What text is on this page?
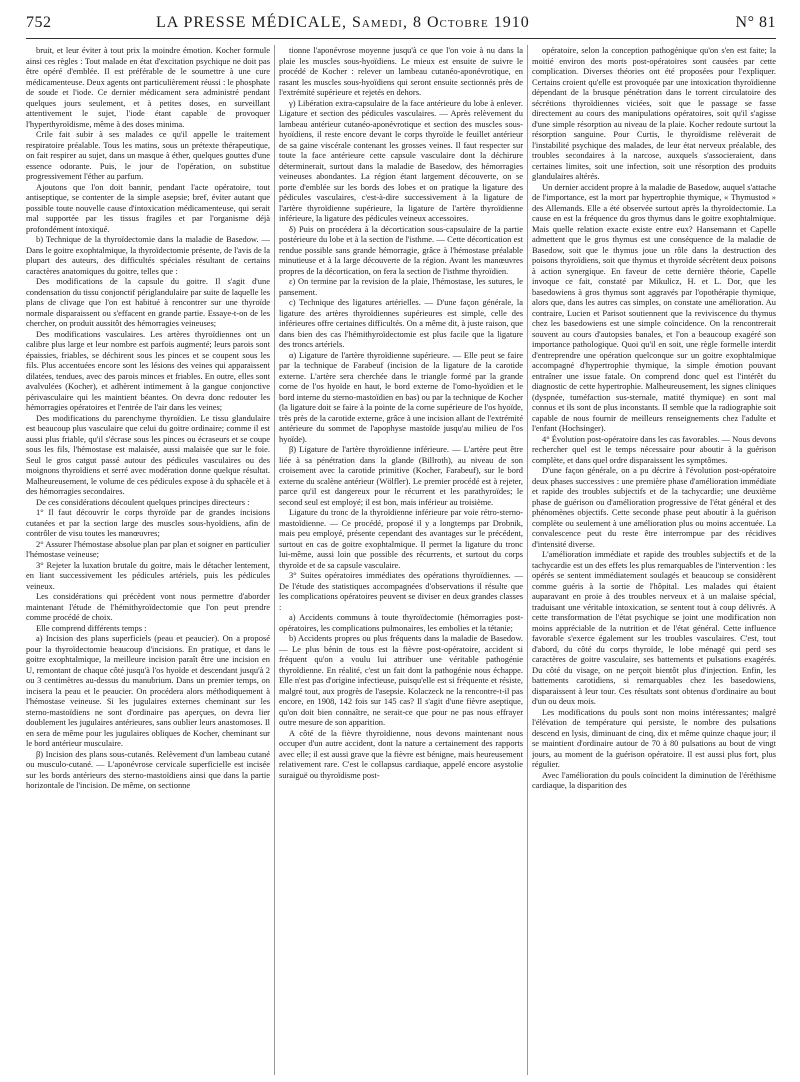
752	LA PRESSE MÉDICALE, Samedi, 8 Octobre 1910	N° 81

bruit, et leur éviter à tout prix la moindre émotion. Kocher formule ainsi ces règles : Tout malade en état d'excitation psychique ne doit pas être opéré d'emblée. Il est préférable de le soumettre à une cure médicamenteuse. Deux agents ont particulièrement réussi : le phosphate de soude et l'iode. Ce dernier médicament sera administré pendant quelques jours seulement, et à petites doses, en surveillant attentivement le sujet, l'iode étant capable de provoquer l'hyperthyroïdisme, même à des doses minima.

Crile fait subir à ses malades ce qu'il appelle le traitement respiratoire préalable. Tous les matins, sous un prétexte thérapeutique, on fait respirer au sujet, dans un masque à éther, quelques gouttes d'une essence odorante. Puis, le jour de l'opération, on substitue progressivement l'éther au parfum.

Ajoutons que l'on doit bannir, pendant l'acte opératoire, tout antiseptique, se contenter de la simple asepsie; bref, éviter autant que possible toute nouvelle cause d'intoxication médicamenteuse, qui serait mal supportée par les tissus fragiles et par l'organisme déjà profondément intoxiqué.

b) Technique de la thyroïdectomie dans la maladie de Basedow. — Dans le goitre exophtalmique, la thyroïdectomie présente, de l'avis de la plupart des auteurs, des difficultés spéciales résultant de certains caractères anatomiques du goitre, telles que :

Des modifications de la capsule du goitre. Il s'agit d'une condensation du tissu conjonctif périglandulaire par suite de laquelle les plans de clivage que l'on est habitué à rencontrer sur une thyroïde normale disparaissent ou s'effacent en grande partie. Essaye-t-on de les chercher, on produit aussitôt des hémorragies veineuses;

Des modifications vasculaires. Les artères thyroïdiennes ont un calibre plus large et leur nombre est parfois augmenté; leurs parois sont épaissies, friables, se déchirent sous les pinces et se coupent sous les fils. Plus accentuées encore sont les lésions des veines qui apparaissent dilatées, tendues, avec des parois minces et friables. En outre, elles sont avalvulées (Kocher), et adhèrent intimement à la gangue conjonctive périvasculaire qui les maintient béantes. On devra donc redouter les hémorragies opératoires et l'entrée de l'air dans les veines;

Des modifications du parenchyme thyroïdien. Le tissu glandulaire est beaucoup plus vasculaire que celui du goitre ordinaire; comme il est aussi plus friable, qu'il s'écrase sous les pinces ou écraseurs et se coupe sous les fils, l'hémostase est malaisée, aussi malaisée que sur le foie. Seul le gros catgut passé autour des pédicules vasculaires ou des moignons thyroïdiens et serré avec modération donne quelque résultat. Malheureusement, le volume de ces pédicules expose à du sphacèle et à des hémorragies secondaires.

De ces considérations découlent quelques principes directeurs :

1° Il faut découvrir le corps thyroïde par de grandes incisions cutanées et par la section large des muscles sous-hyoïdiens, afin de contrôler de visu toutes les manœuvres;

2° Assurer l'hémostase absolue plan par plan et soigner en particulier l'hémostase veineuse;

3° Rejeter la luxation brutale du goitre, mais le détacher lentement, en liant successivement les pédicules artériels, puis les pédicules veineux.

Les considérations qui précèdent vont nous permettre d'aborder maintenant l'étude de l'hémithyroïdectomie que l'on peut prendre comme procédé de choix.

Elle comprend différents temps :

a) Incision des plans superficiels (peau et peaucier). On a proposé pour la thyroïdectomie beaucoup d'incisions. En pratique, et dans le goitre exophtalmique, la meilleure incision paraît être une incision en U, remontant de chaque côté jusqu'à l'os hyoïde et descendant jusqu'à 2 ou 3 centimètres au-dessus du manubrium. Dans un premier temps, on incisera la peau et le peaucier. On procédera alors méthodiquement à l'hémostase veineuse. Si les jugulaires externes cheminant sur les sterno-mastoïdiens ne sont d'ordinaire pas aperçues, on devra lier doublement les jugulaires antérieures, sans oublier leurs anastomoses. Il en sera de même pour les jugulaires obliques de Kocher, cheminant sur le bord antérieur musculaire.

β) Incision des plans sous-cutanés. Relèvement d'un lambeau cutané ou musculo-cutané. — L'aponévrose cervicale superficielle est incisée sur les bords antérieurs des sterno-mastoïdiens ainsi que dans la partie horizontale de l'incision. De même, on sectionne

tionne l'aponévrose moyenne jusqu'à ce que l'on voie à nu dans la plaie les muscles sous-hyoïdiens. Le mieux est ensuite de suivre le procédé de Kocher : relever un lambeau cutanéo-aponévrotique, en rasant les muscles sous-hyoïdiens qui seront ensuite sectionnés près de l'extrémité supérieure et rejetés en dehors.

γ) Libération extra-capsulaire de la face antérieure du lobe à enlever. Ligature et section des pédicules vasculaires. — Après relèvement du lambeau antérieur cutanéo-aponévrotique et section des muscles sous-hyoïdiens, il reste encore devant le corps thyroïde le feuillet antérieur de sa gaine viscérale contenant les grosses veines. Il faut respecter sur toute la face antérieure cette capsule vasculaire dont la déchirure déterminerait, surtout dans la maladie de Basedow, des hémorragies veineuses abondantes. La région étant largement découverte, on se porte d'emblée sur les bords des lobes et on pratique la ligature des pédicules vasculaires, c'est-à-dire successivement à la ligature de l'artère thyroïdienne supérieure, la ligature de l'artère thyroïdienne inférieure, la ligature des pédicules veineux accessoires.

δ) Puis on procédera à la décortication sous-capsulaire de la partie postérieure du lobe et à la section de l'isthme. — Cette décortication est rendue possible sans grande hémorragie, grâce à l'hémostase préalable minutieuse et à la large découverte de la région. Avant les manœuvres propres de la décortication, on fera la section de l'isthme thyroïdien.

ε) On termine par la revision de la plaie, l'hémostase, les sutures, le pansement.

c) Technique des ligatures artérielles. — D'une façon générale, la ligature des artères thyroïdiennes supérieures est simple, celle des inférieures offre certaines difficultés. On a même dit, à juste raison, que dans bien des cas l'hémithyroïdectomie est plus facile que la ligature des troncs artériels.

α) Ligature de l'artère thyroïdienne supérieure. — Elle peut se faire par la technique de Farabeuf (incision de la ligature de la carotide externe. L'artère sera cherchée dans le triangle formé par la grande corne de l'os hyoïde en haut, le bord externe de l'omo-hyoïdien et le bord interne du sterno-mastoïdien en bas) ou par la technique de Kocher (la ligature doit se faire à la pointe de la corne supérieure de l'os hyoïde, très près de la carotide externe, grâce à une incision allant de l'extrémité antérieure du sommet de l'apophyse mastoïde jusqu'au milieu de l'os hyoïde).

β) Ligature de l'artère thyroïdienne inférieure. — L'artère peut être liée à sa pénétration dans la glande (Billroth), au niveau de son croisement avec la carotide primitive (Kocher, Farabeuf), sur le bord externe du scalène antérieur (Wölfler). Le premier procédé est à rejeter, parce qu'il est dangereux pour le récurrent et les parathyroïdes; le second seul est employé; il est bon, mais inférieur au troisième.

Ligature du tronc de la thyroïdienne inférieure par voie rétro-sterno-mastoïdienne. — Ce procédé, proposé il y a longtemps par Drobnik, mais peu employé, présente cependant des avantages sur le précédent, surtout en cas de goitre exophtalmique. Il permet la ligature du tronc lui-même, aussi loin que possible des récurrents, et surtout du corps thyroïde et de sa capsule vasculaire.

3° Suites opératoires immédiates des opérations thyroïdiennes. — De l'étude des statistiques accompagnées d'observations il résulte que les complications opératoires peuvent se diviser en deux grandes classes :

a) Accidents communs à toute thyroïdectomie (hémorragies post-opératoires, les complications pulmonaires, les embolies et la tétanie;

b) Accidents propres ou plus fréquents dans la maladie de Basedow. — Le plus bénin de tous est la fièvre post-opératoire, accident si fréquent qu'on a voulu lui attribuer une véritable pathogénie thyroïdienne. En réalité, c'est un fait dont la pathogénie nous échappe. Elle n'est pas d'origine infectieuse, puisqu'elle est si fréquente et résiste, malgré tout, aux progrès de l'asepsie. Kolaczeck ne la rencontre-t-il pas encore, en 1908, 142 fois sur 145 cas? Il s'agit d'une fièvre aseptique, qu'on doit bien connaître, ne serait-ce que pour ne pas nous effrayer outre mesure de son apparition.

A côté de la fièvre thyroïdienne, nous devons maintenant nous occuper d'un autre accident, dont la nature a certainement des rapports avec elle; il est aussi grave que la fièvre est bénigne, mais heureusement relativement rare. C'est le collapsus cardiaque, appelé encore asystolie suraiguë ou thyroïdisme post-

opératoire, selon la conception pathogénique qu'on s'en est faite; la moitié environ des morts post-opératoires sont causées par cette complication. Diverses théories ont été proposées pour l'expliquer. Certains croient qu'elle est provoquée par une intoxication thyroïdienne dépendant de la brusque pénétration dans le torrent circulatoire des sécrétions thyroïdiennes viciées, soit que le passage se fasse directement au cours des manipulations opératoires, soit qu'il s'agisse d'une simple résorption au niveau de la plaie. Kocher redoute surtout la résorption sanguine. Pour Curtis, le thyroïdisme relèverait de l'instabilité psychique des malades, de leur état nerveux préalable, des troubles secondaires à la narcose, auxquels s'associeraient, dans certaines limites, soit une infection, soit une résorption des produits glandulaires altérés.

Un dernier accident propre à la maladie de Basedow, auquel s'attache de l'importance, est la mort par hypertrophie thymique, « Thymustod » des Allemands. Elle a été observée surtout après la thyroïdectomie. La cause en est la fréquence du gros thymus dans le goitre exophtalmique. Mais quelle relation exacte existe entre eux? Hansemann et Capelle admettent que le gros thymus est une conséquence de la maladie de Basedow, soit que le thymus joue un rôle dans la destruction des poisons thyroïdiens, soit que thymus et thyroïde sécrètent deux poisons à action synergique. En faveur de cette dernière théorie, Capelle invoque ce fait, constaté par Mikulicz, H. et L. Dor, que les basedowiens à gros thymus sont aggravés par l'opothérapie thymique, alors que, dans les autres cas simples, on constate une amélioration. Au contraire, Lucien et Parisot soutiennent que la reviviscence du thymus chez les basedowiens est une simple coïncidence. On la rencontrerait souvent au cours d'autopsies banales, et l'on a beaucoup exagéré son importance pathologique. Quoi qu'il en soit, une règle formelle interdit d'entreprendre une opération quelconque sur un goitre exophtalmique accompagné d'hypertrophie thymique, la simple émotion pouvant entraîner une issue fatale. On comprend donc quel est l'intérêt du diagnostic de cette hypertrophie. Malheureusement, les signes cliniques (dyspnée, tuméfaction sus-sternale, matité thymique) en sont mal connus et ils sont de plus inconstants. Il semble que la radiographie soit capable de nous fournir de meilleurs renseignements chez l'adulte et l'enfant (Hochsinger).

4° Évolution post-opératoire dans les cas favorables. — Nous devons rechercher quel est le temps nécessaire pour aboutir à la guérison complète, et dans quel ordre disparaissent les symptômes.

D'une façon générale, on a pu décrire à l'évolution post-opératoire deux phases successives : une première phase d'amélioration immédiate et rapide des troubles subjectifs et de la tachycardie; une deuxième phase de guérison ou d'amélioration progressive de l'état général et des phénomènes objectifs. Cette seconde phase peut aboutir à la guérison complète ou seulement à une amélioration plus ou moins accentuée. La convalescence peut du reste être interrompue par des récidives d'intensité diverse.

L'amélioration immédiate et rapide des troubles subjectifs et de la tachycardie est un des effets les plus remarquables de l'intervention : les opérés se sentent immédiatement soulagés et beaucoup se considèrent comme guéris à la sortie de l'hôpital. Les malades qui étaient auparavant en proie à des troubles nerveux et à un malaise spécial, traduisant une véritable intoxication, se sentent tout à coup délivrés. A cette transformation de l'état psychique se joint une modification non moins appréciable de la nutrition et de l'état général. Cette influence favorable s'exerce également sur les troubles vasculaires. C'est, tout d'abord, du côté du corps thyroïde, le lobe ménagé qui perd ses caractères de goitre vasculaire, ses battements et pulsations exagérés. Du côté du visage, on ne perçoit bientôt plus d'injection. Enfin, les battements carotidiens, si remarquables chez les basedowiens, disparaissent à leur tour. Ces résultats sont obtenus d'ordinaire au bout d'un ou deux mois.

Les modifications du pouls sont non moins intéressantes; malgré l'élévation de température qui persiste, le nombre des pulsations descend en lysis, diminuant de cinq, dix et même quinze chaque jour; il se maintient d'ordinaire autour de 70 à 80 pulsations au bout de vingt jours, au moment de la guérison opératoire. Il est aussi plus fort, plus régulier.

Avec l'amélioration du pouls coïncident la diminution de l'éréthisme cardiaque, la disparition des
